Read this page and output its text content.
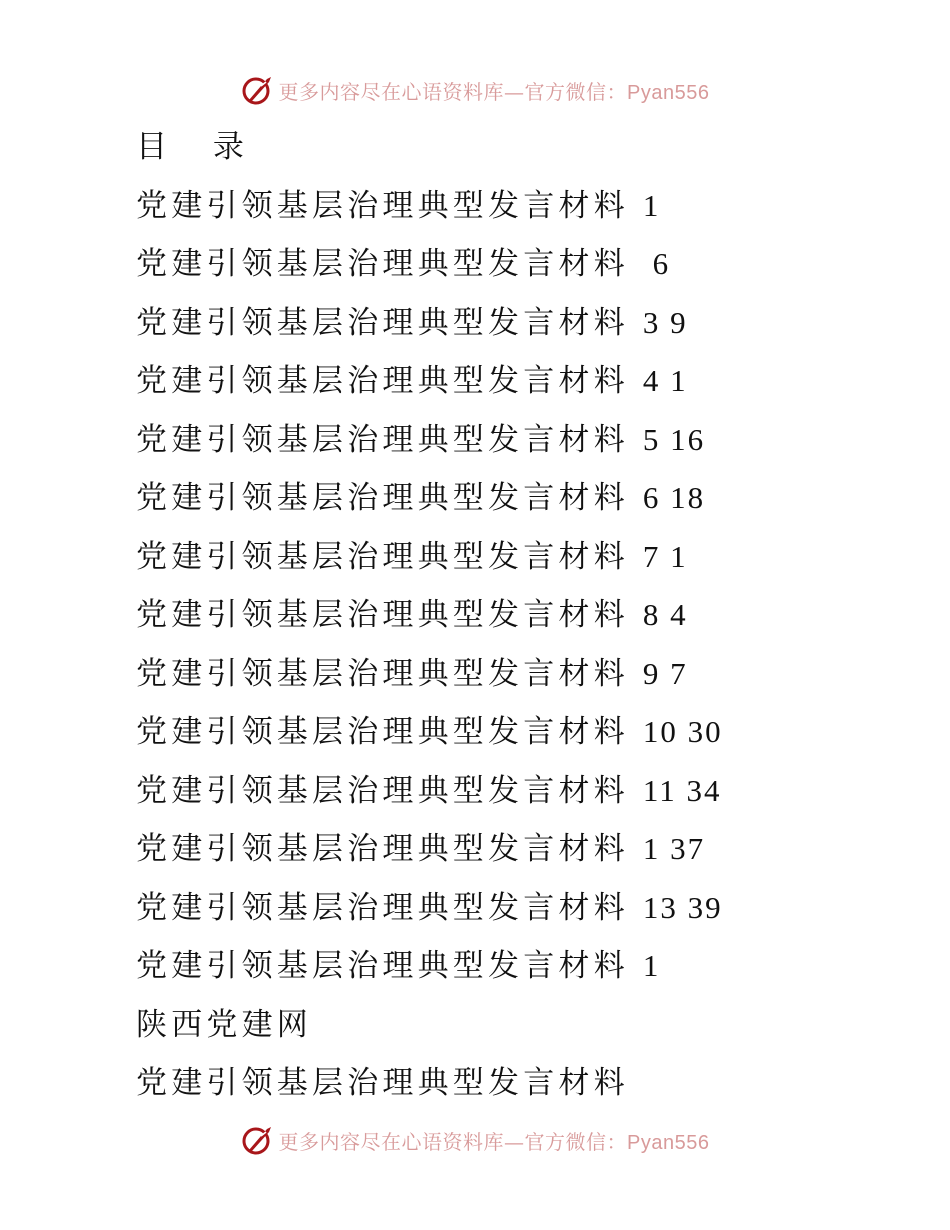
更多内容尽在心语资料库—官方微信：Pyan556
目 录
党建引领基层治理典型发言材料 1
党建引领基层治理典型发言材料  6
党建引领基层治理典型发言材料 3 9
党建引领基层治理典型发言材料 4 1
党建引领基层治理典型发言材料 5 16
党建引领基层治理典型发言材料 6 18
党建引领基层治理典型发言材料 7 1
党建引领基层治理典型发言材料 8 4
党建引领基层治理典型发言材料 9 7
党建引领基层治理典型发言材料 10 30
党建引领基层治理典型发言材料 11 34
党建引领基层治理典型发言材料 1 37
党建引领基层治理典型发言材料 13 39
党建引领基层治理典型发言材料 1
陕西党建网
党建引领基层治理典型发言材料
更多内容尽在心语资料库—官方微信：Pyan556
